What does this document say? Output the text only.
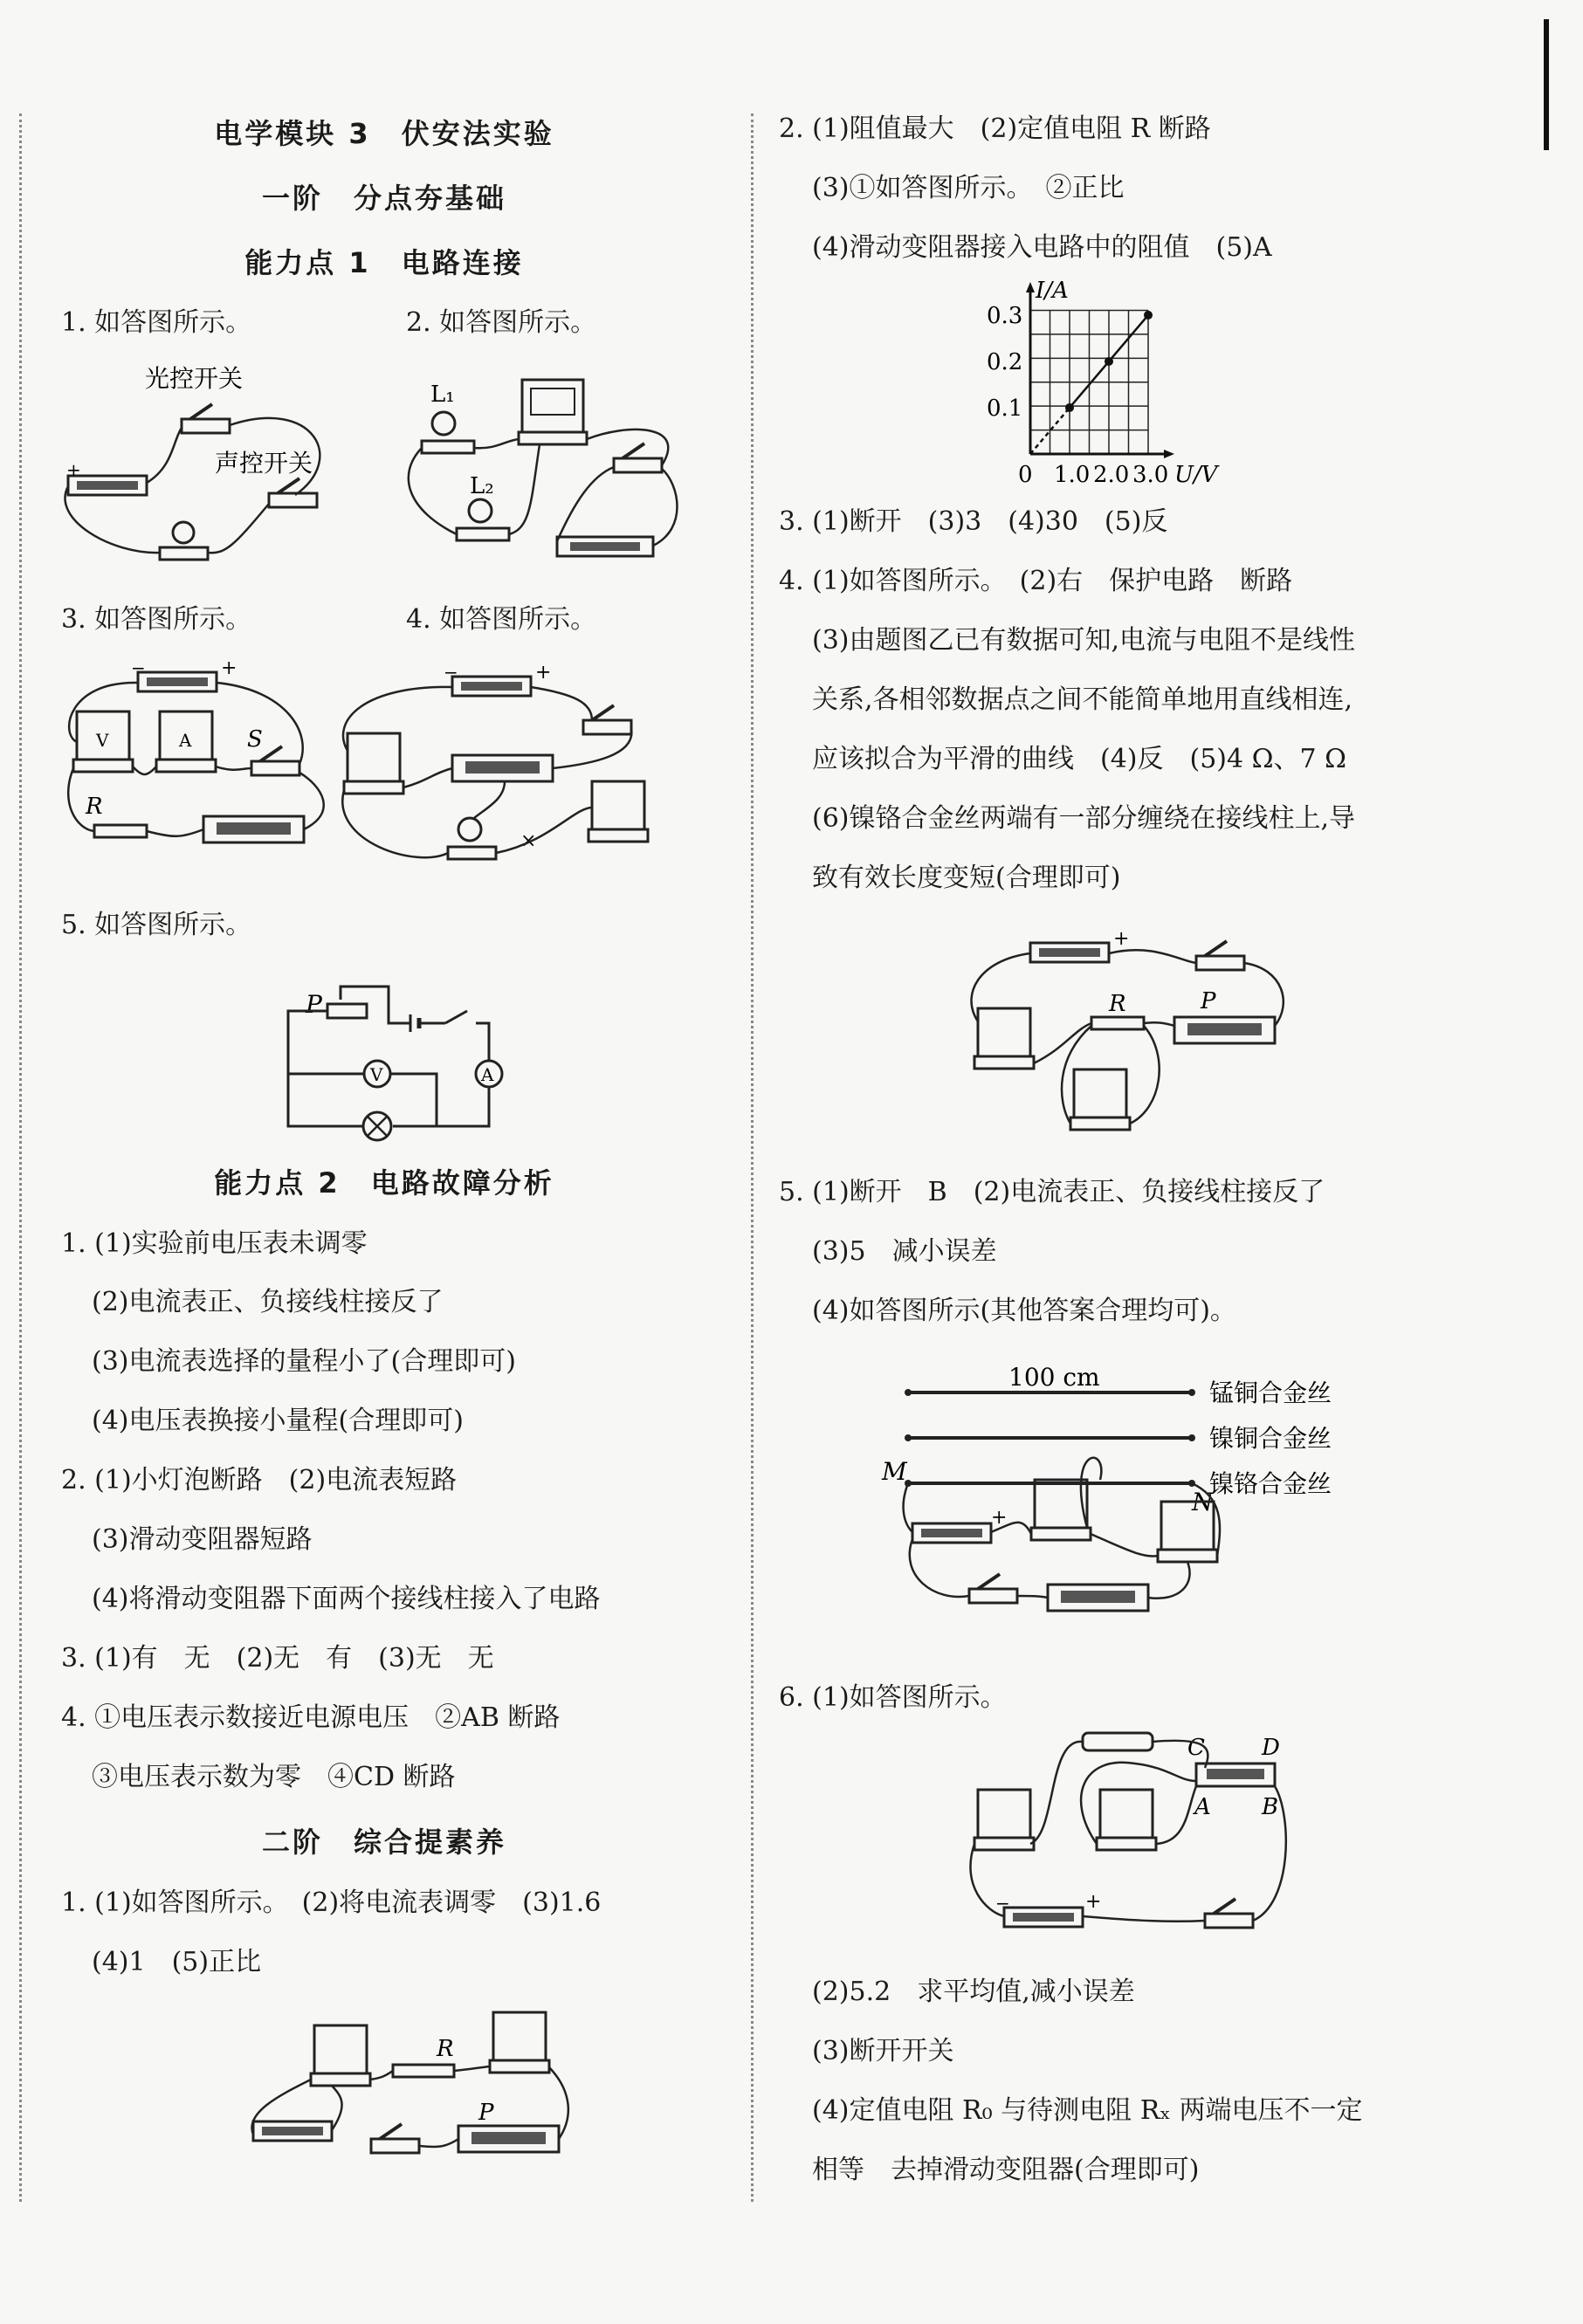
电学模块 3　伏安法实验
一阶　分点夯基础
能力点 1　电路连接
1. 如答图所示。	2. 如答图所示。
光控开关
声控开关
+
L₁
L₂
3. 如答图所示。	4. 如答图所示。
−	+
V	A S
R
−	+
×
5. 如答图所示。
P
A
V
能力点 2　电路故障分析
1. (1)实验前电压表未调零
(2)电流表正、负接线柱接反了
(3)电流表选择的量程小了(合理即可)
(4)电压表换接小量程(合理即可)
2. (1)小灯泡断路　(2)电流表短路
(3)滑动变阻器短路
(4)将滑动变阻器下面两个接线柱接入了电路
3. (1)有　无　(2)无　有　(3)无　无
4. ①电压表示数接近电源电压　②AB 断路
③电压表示数为零　④CD 断路
二阶　综合提素养
1. (1)如答图所示。　(2)将电流表调零　(3)1.6
(4)1　(5)正比
R
P
2. (1)阻值最大　(2)定值电阻 R 断路
(3)①如答图所示。　②正比
(4)滑动变阻器接入电路中的阻值　(5)A
I/A
U/V
0 1.0 2.0 3.0
0.1
0.2
0.3
3. (1)断开　(3)3　(4)30　(5)反
4. (1)如答图所示。　(2)右　保护电路　断路
(3)由题图乙已有数据可知,电流与电阻不是线性
关系,各相邻数据点之间不能简单地用直线相连,
应该拟合为平滑的曲线　(4)反　(5)4 Ω、7 Ω
(6)镍铬合金丝两端有一部分缠绕在接线柱上,导
致有效长度变短(合理即可)
+
R	P
5. (1)断开　B　(2)电流表正、负接线柱接反了
(3)5　减小误差
(4)如答图所示(其他答案合理均可)。
100 cm
锰铜合金丝
镍铜合金丝
镍铬合金丝
M
N
+
6. (1)如答图所示。
C	D
A B
−	+
(2)5.2　求平均值,减小误差
(3)断开开关
(4)定值电阻 R₀ 与待测电阻 Rₓ 两端电压不一定
相等　去掉滑动变阻器(合理即可)
